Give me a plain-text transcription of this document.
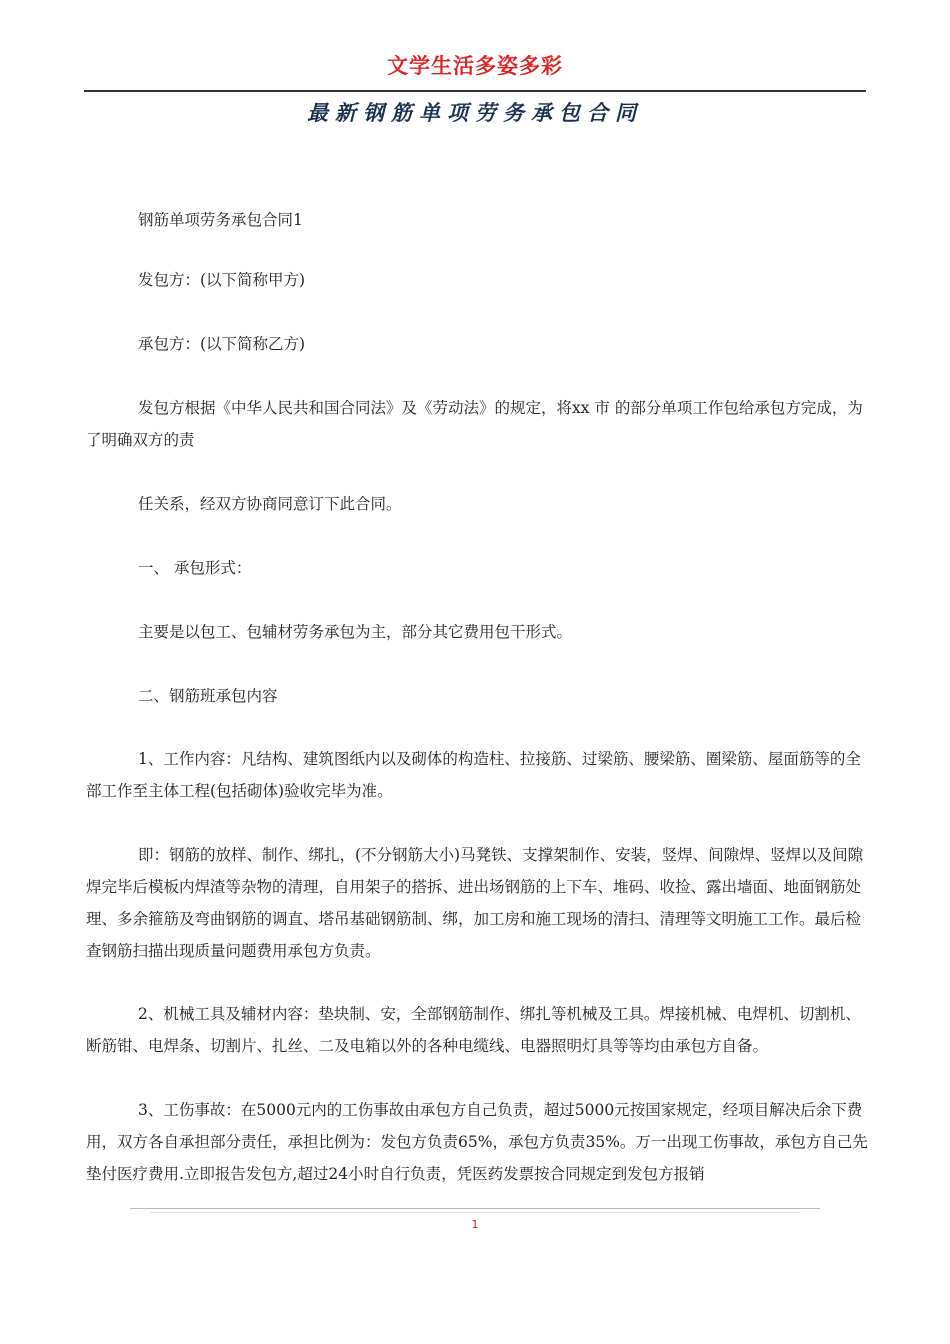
文学生活多姿多彩
最新钢筋单项劳务承包合同

钢筋单项劳务承包合同1

发包方：(以下简称甲方)

承包方：(以下简称乙方)

发包方根据《中华人民共和国合同法》及《劳动法》的规定，将xx 市 的部分单项工作包给承包方完成，为了明确双方的责

任关系，经双方协商同意订下此合同。

一、 承包形式：

主要是以包工、包辅材劳务承包为主，部分其它费用包干形式。

二、钢筋班承包内容

1、工作内容：凡结构、建筑图纸内以及砌体的构造柱、拉接筋、过梁筋、腰梁筋、圈梁筋、屋面筋等的全部工作至主体工程(包括砌体)验收完毕为准。

即：钢筋的放样、制作、绑扎，(不分钢筋大小)马凳铁、支撑架制作、安装，竖焊、间隙焊、竖焊以及间隙焊完毕后模板内焊渣等杂物的清理，自用架子的搭拆、进出场钢筋的上下车、堆码、收捡、露出墙面、地面钢筋处理、多余箍筋及弯曲钢筋的调直、塔吊基础钢筋制、绑，加工房和施工现场的清扫、清理等文明施工工作。最后检查钢筋扫描出现质量问题费用承包方负责。

2、机械工具及辅材内容：垫块制、安，全部钢筋制作、绑扎等机械及工具。焊接机械、电焊机、切割机、断筋钳、电焊条、切割片、扎丝、二及电箱以外的各种电缆线、电器照明灯具等等均由承包方自备。

3、工伤事故：在5000元内的工伤事故由承包方自己负责，超过5000元按国家规定，经项目解决后余下费用，双方各自承担部分责任，承担比例为：发包方负责65%，承包方负责35%。万一出现工伤事故，承包方自己先垫付医疗费用.立即报告发包方,超过24小时自行负责，凭医药发票按合同规定到发包方报销

1
